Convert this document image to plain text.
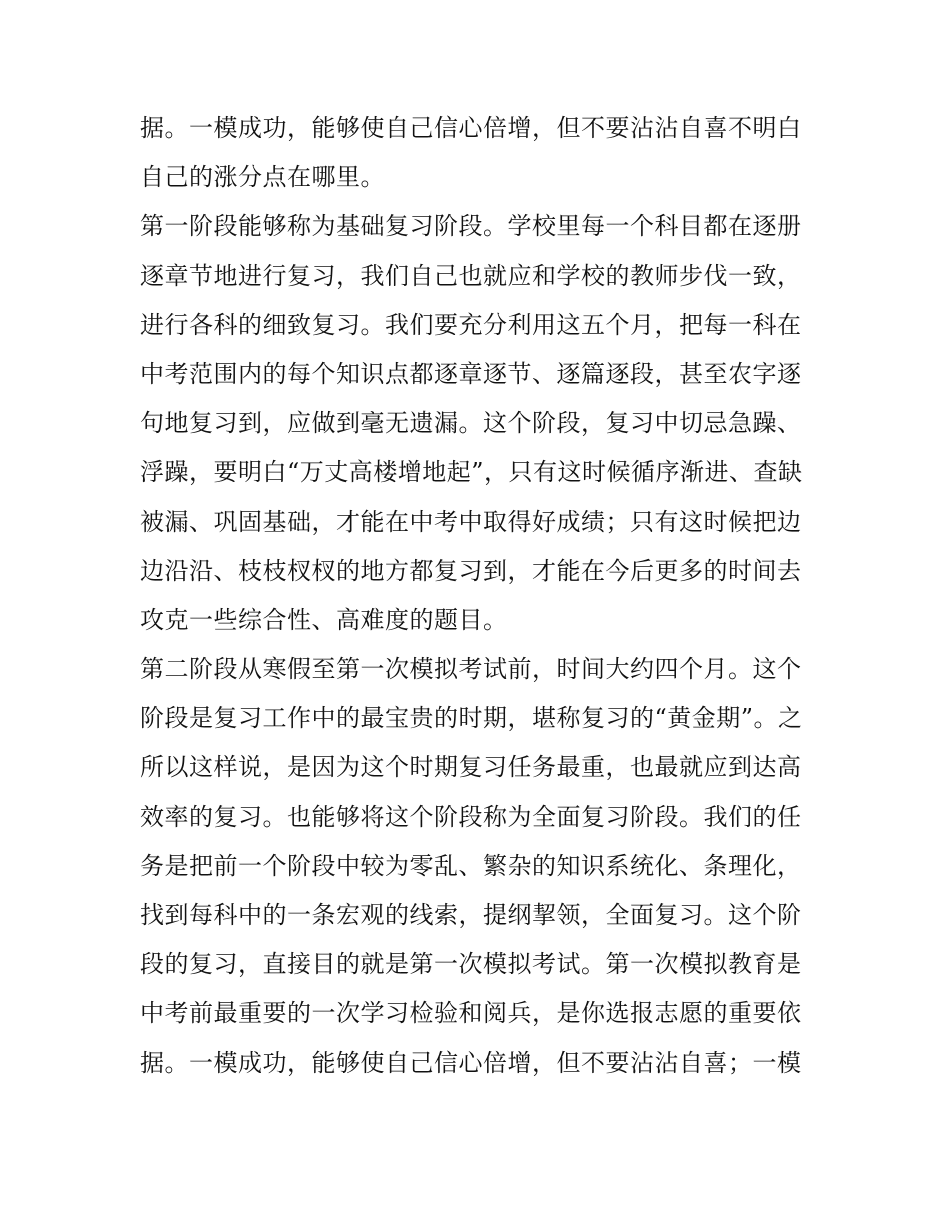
据。一模成功，能够使自己信心倍增，但不要沾沾自喜不明白
自己的涨分点在哪里。
第一阶段能够称为基础复习阶段。学校里每一个科目都在逐册
逐章节地进行复习，我们自己也就应和学校的教师步伐一致，
进行各科的细致复习。我们要充分利用这五个月，把每一科在
中考范围内的每个知识点都逐章逐节、逐篇逐段，甚至农字逐
句地复习到，应做到毫无遗漏。这个阶段，复习中切忌急躁、
浮躁，要明白“万丈高楼增地起”，只有这时候循序渐进、查缺
被漏、巩固基础，才能在中考中取得好成绩；只有这时候把边
边沿沿、枝枝杈杈的地方都复习到，才能在今后更多的时间去
攻克一些综合性、高难度的题目。
第二阶段从寒假至第一次模拟考试前，时间大约四个月。这个
阶段是复习工作中的最宝贵的时期，堪称复习的“黄金期”。之
所以这样说，是因为这个时期复习任务最重，也最就应到达高
效率的复习。也能够将这个阶段称为全面复习阶段。我们的任
务是把前一个阶段中较为零乱、繁杂的知识系统化、条理化，
找到每科中的一条宏观的线索，提纲挈领，全面复习。这个阶
段的复习，直接目的就是第一次模拟考试。第一次模拟教育是
中考前最重要的一次学习检验和阅兵，是你选报志愿的重要依
据。一模成功，能够使自己信心倍增，但不要沾沾自喜；一模
